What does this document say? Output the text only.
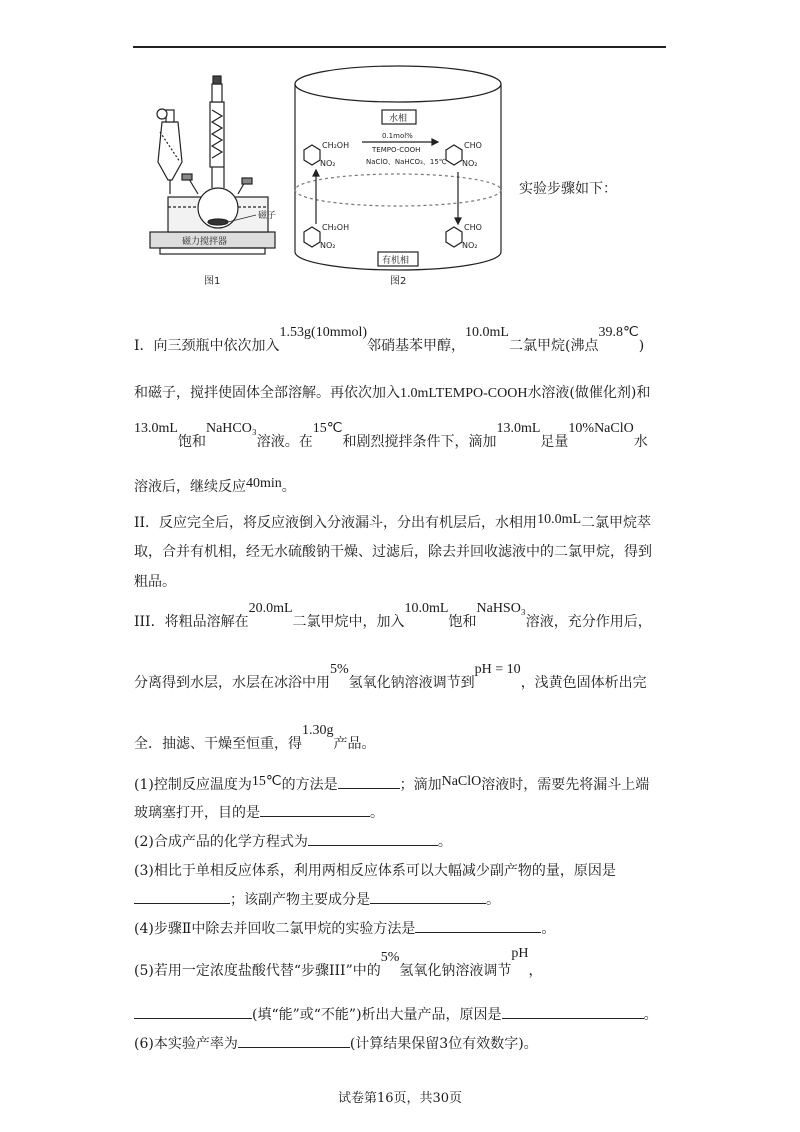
磁子
磁力搅拌器
水相
有机相
0.1mol%
TEMPO-COOH
NaClO、NaHCO₃、15℃
CH₂OH
NO₂
CHO
NO₂
CH₂OH
NO₂
CHO
NO₂
图1	图2
实验步骤如下：
I．向三颈瓶中依次加入1.53g(10mmol)邻硝基苯甲醇，10.0mL二氯甲烷(沸点39.8℃)
和磁子，搅拌使固体全部溶解。再依次加入1.0mLTEMPO-COOH水溶液(做催化剂)和
13.0mL饱和NaHCO₃溶液。在15℃和剧烈搅拌条件下，滴加13.0mL足量10%NaClO水
溶液后，继续反应40min。
II．反应完全后，将反应液倒入分液漏斗，分出有机层后，水相用10.0mL二氯甲烷萃
取，合并有机相，经无水硫酸钠干燥、过滤后，除去并回收滤液中的二氯甲烷，得到
粗品。
III．将粗品溶解在20.0mL二氯甲烷中，加入10.0mL饱和NaHSO₃溶液，充分作用后，
分离得到水层，水层在冰浴中用5%氢氧化钠溶液调节到pH = 10，浅黄色固体析出完
全．抽滤、干燥至恒重，得1.30g产品。
(1)控制反应温度为15℃的方法是	；滴加NaClO溶液时，需要先将漏斗上端
玻璃塞打开，目的是	。
(2)合成产品的化学方程式为	。
(3)相比于单相反应体系，利用两相反应体系可以大幅减少副产物的量，原因是
；该副产物主要成分是	。
(4)步骤Ⅱ中除去并回收二氯甲烷的实验方法是	。
(5)若用一定浓度盐酸代替“步骤III”中的5%氢氧化钠溶液调节pH，
(填“能”或“不能”)析出大量产品，原因是	。
(6)本实验产率为	(计算结果保留3位有效数字)。
试卷第16页，共30页
